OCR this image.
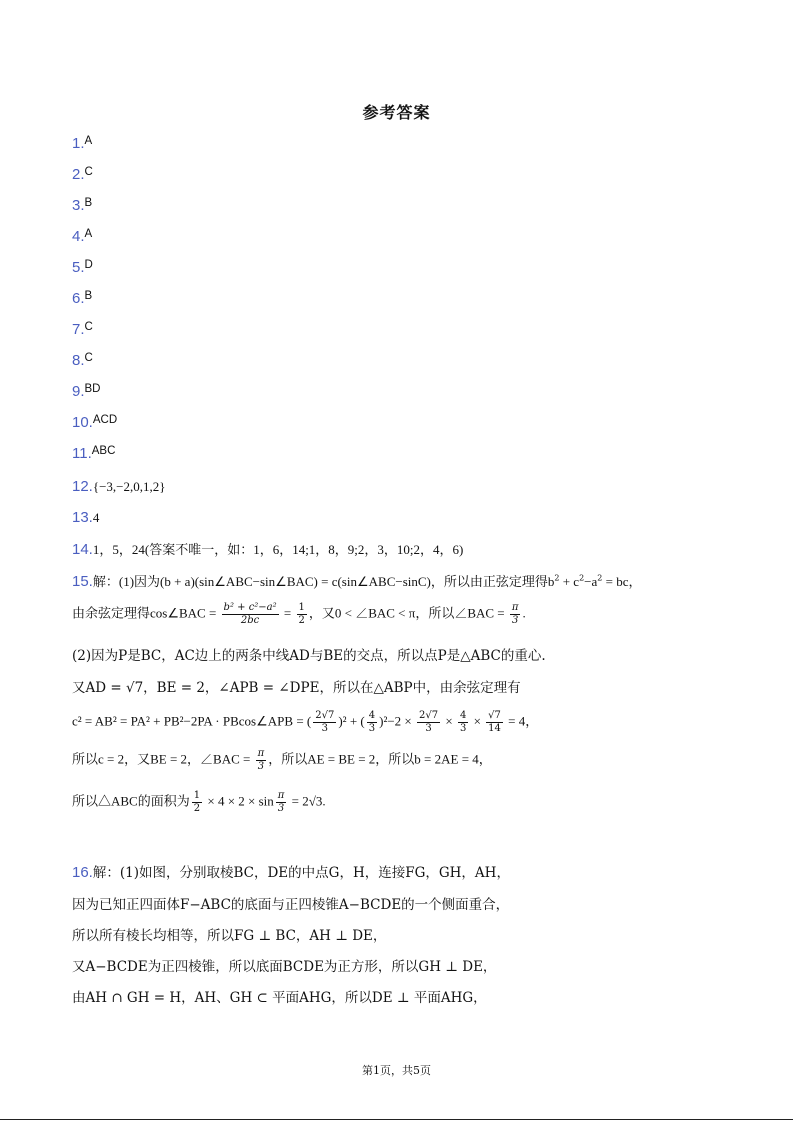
参考答案
1.$^A$
2.$^C$
3.$^B$
4.$^A$
5.$^D$
6.$^B$
7.$^C$
8.$^C$
9.$^{BD}$
10.$^{ACD}$
11.$^{ABC}$
12.{−3,−2,0,1,2}
13.4
14.1，5，24(答案不唯一，如：1，6，14;1，8，9;2，3，10;2，4，6)
15.解：(1)因为(b + a)(sin∠ABC−sin∠BAC) = c(sin∠ABC−sinC)，所以由正弦定理得$b^2 + c^2-a^2$ = bc，
由余弦定理得cos∠BAC = $\frac{\text{b² + c²−a²}}{2bc} = \frac{1}{2}$ ，又0 < ∠BAC < π，所以∠BAC = $\frac{\pi}{3}$ .
(2)因为P是BC，AC边上的两条中线AD与BE的交点，所以点P是△ABC的重心.
又AD = √7，BE = 2，∠APB = ∠DPE，所以在△ABP中，由余弦定理有
c² = AB² = PA² + PB²−2PA · PBcos∠APB = ( $\frac{2√7}{3} )^2$ + ( $\frac{4}{3} )^2-2 \times \frac{2√7}{3} \times \frac{4}{3} \times \frac{√7}{14} = 4$，
所以c = 2，又BE = 2，∠BAC = $\frac{\pi}{3}$ ，所以AE = BE = 2，所以b = 2AE = 4，
所以△ABC的面积为 $\frac{1}{2} \times 4 \times 2 \times \sin \frac{\pi}{3} = 2√3$.
16.解：(1)如图，分别取棱BC，DE的中点G，H，连接FG，GH，AH，
因为已知正四面体F−ABC的底面与正四棱锥A−BCDE的一个侧面重合，
所以所有棱长均相等，所以FG ⊥ BC，AH ⊥ DE，
又A−BCDE为正四棱锥，所以底面BCDE为正方形，所以GH ⊥ DE，
由AH ∩ GH = H，AH、GH ⊂ 平面AHG，所以DE ⊥ 平面AHG，
第1页，共5页
